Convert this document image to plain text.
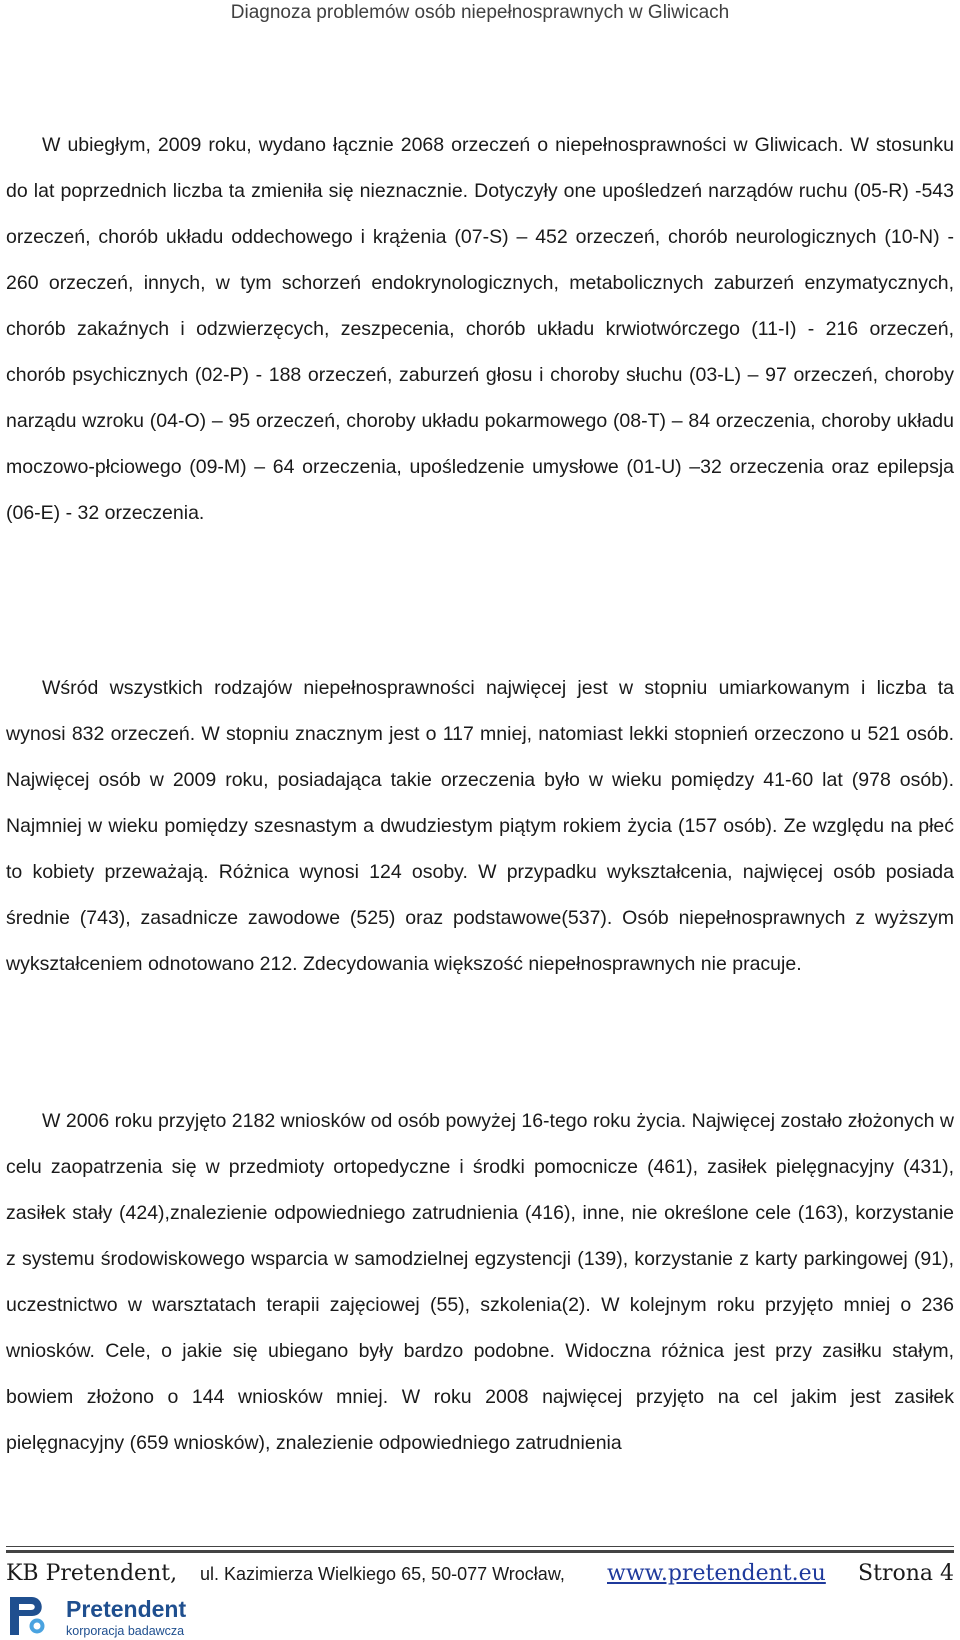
Diagnoza problemów osób niepełnosprawnych w Gliwicach

W ubiegłym, 2009 roku, wydano łącznie 2068 orzeczeń o niepełnosprawności w Gliwicach. W stosunku do lat poprzednich liczba ta zmieniła się nieznacznie. Dotyczyły one upośledzeń narządów ruchu (05-R) -543 orzeczeń, chorób układu oddechowego i krążenia (07-S) – 452 orzeczeń, chorób neurologicznych (10-N) - 260 orzeczeń, innych, w tym schorzeń endokrynologicznych, metabolicznych zaburzeń enzymatycznych, chorób zakaźnych i odzwierzęcych, zeszpecenia, chorób układu krwiotwórczego (11-I) - 216 orzeczeń, chorób psychicznych (02-P) - 188 orzeczeń, zaburzeń głosu i choroby słuchu (03-L) – 97 orzeczeń, choroby narządu wzroku (04-O) – 95 orzeczeń, choroby układu pokarmowego (08-T) – 84 orzeczenia, choroby układu moczowo-płciowego (09-M) – 64 orzeczenia, upośledzenie umysłowe (01-U) –32 orzeczenia oraz epilepsja (06-E) - 32 orzeczenia.

Wśród wszystkich rodzajów niepełnosprawności najwięcej jest w stopniu umiarkowanym i liczba ta wynosi 832 orzeczeń. W stopniu znacznym jest o 117 mniej, natomiast lekki stopnień orzeczono u 521 osób. Najwięcej osób w 2009 roku, posiadająca takie orzeczenia było w wieku pomiędzy 41-60 lat (978 osób). Najmniej w wieku pomiędzy szesnastym a dwudziestym piątym rokiem życia (157 osób). Ze względu na płeć to kobiety przeważają. Różnica wynosi 124 osoby. W przypadku wykształcenia, najwięcej osób posiada średnie (743), zasadnicze zawodowe (525) oraz podstawowe(537). Osób niepełnosprawnych z wyższym wykształceniem odnotowano 212. Zdecydowania większość niepełnosprawnych nie pracuje.

W 2006 roku przyjęto 2182 wniosków od osób powyżej 16-tego roku życia. Najwięcej zostało złożonych w celu zaopatrzenia się w przedmioty ortopedyczne i środki pomocnicze (461), zasiłek pielęgnacyjny (431), zasiłek stały (424),znalezienie odpowiedniego zatrudnienia (416), inne, nie określone cele (163), korzystanie z systemu środowiskowego wsparcia w samodzielnej egzystencji (139), korzystanie z karty parkingowej (91), uczestnictwo w warsztatach terapii zajęciowej (55), szkolenia(2). W kolejnym roku przyjęto mniej o 236 wniosków. Cele, o jakie się ubiegano były bardzo podobne. Widoczna różnica jest przy zasiłku stałym, bowiem złożono o 144 wniosków mniej. W roku 2008 najwięcej przyjęto na cel jakim jest zasiłek pielęgnacyjny (659 wniosków), znalezienie odpowiedniego zatrudnienia

KB Pretendent, ul. Kazimierza Wielkiego 65, 50-077 Wrocław, www.pretendent.eu Strona 4
Pretendent
korporacja badawcza
